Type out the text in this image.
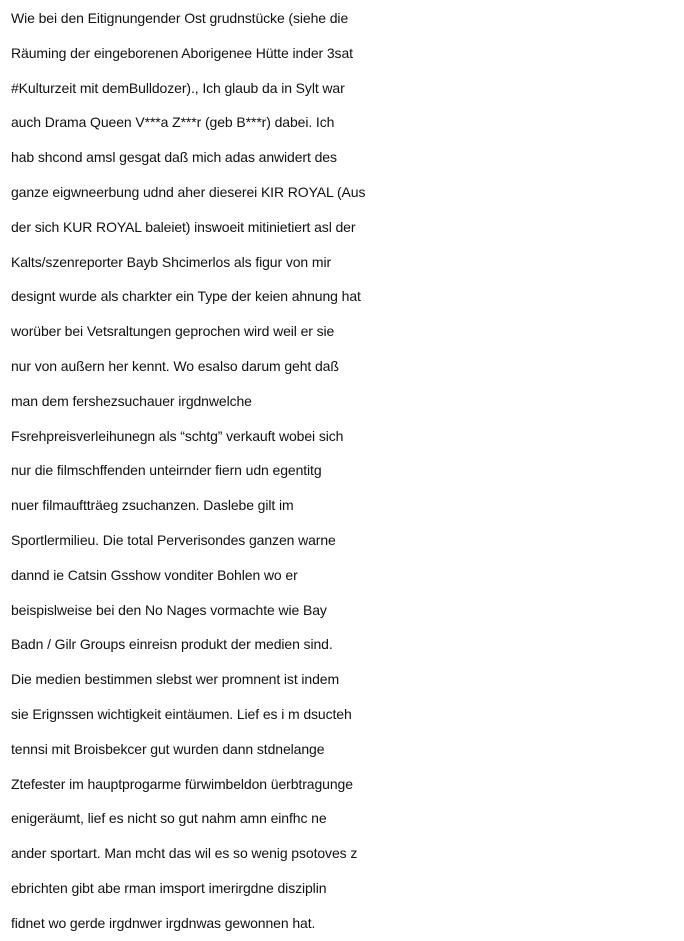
Wie bei den Eitignungender Ost grudnstücke (siehe die
Räuming der eingeborenen Aborigenee Hütte inder 3sat
#Kulturzeit mit demBulldozer)., Ich glaub da in Sylt war
auch Drama Queen V***a Z***r (geb B***r) dabei. Ich
hab shcond amsl gesgat daß mich adas anwidert des
ganze eigwneerbung udnd aher dieserei KIR ROYAL (Aus
der sich KUR ROYAL baleiet) inswoeit mitinietiert asl der
Kalts/szenreporter Bayb Shcimerlos als figur von mir
designt wurde als charkter ein Type der keien ahnung hat
worüber bei Vetsraltungen geprochen wird weil er sie
nur von außern her kennt. Wo esalso darum geht daß
man dem fershezsuchauer irgdnwelche
Fsrehpreisverleihunegn als “schtg” verkauft wobei sich
nur die filmschffenden unteirnder fiern udn egentitg
nuer filmauftträeg zsuchanzen. Daslebe gilt im
Sportlermilieu. Die total Perverisondes ganzen warne
dannd ie Catsin Gsshow vonditer Bohlen wo er
beispislweise bei den No Nages vormachte wie Bay
Badn / Gilr Groups einreisn produkt der medien sind.
Die medien bestimmen slebst wer promnent ist indem
sie Erignssen wichtigkeit eintäumen. Lief es i m dsucteh
tennsi mit Broisbekcer gut wurden dann stdnelange
Ztefester im hauptprogarme fürwimbeldon üerbtragunge
enigeräumt, lief es nicht so gut nahm amn einfhc ne
ander sportart. Man mcht das wil es so wenig psotoves z
ebrichten gibt abe rman imsport imerirgdne disziplin
fidnet wo gerde irgdnwer irgdnwas gewonnen hat.
